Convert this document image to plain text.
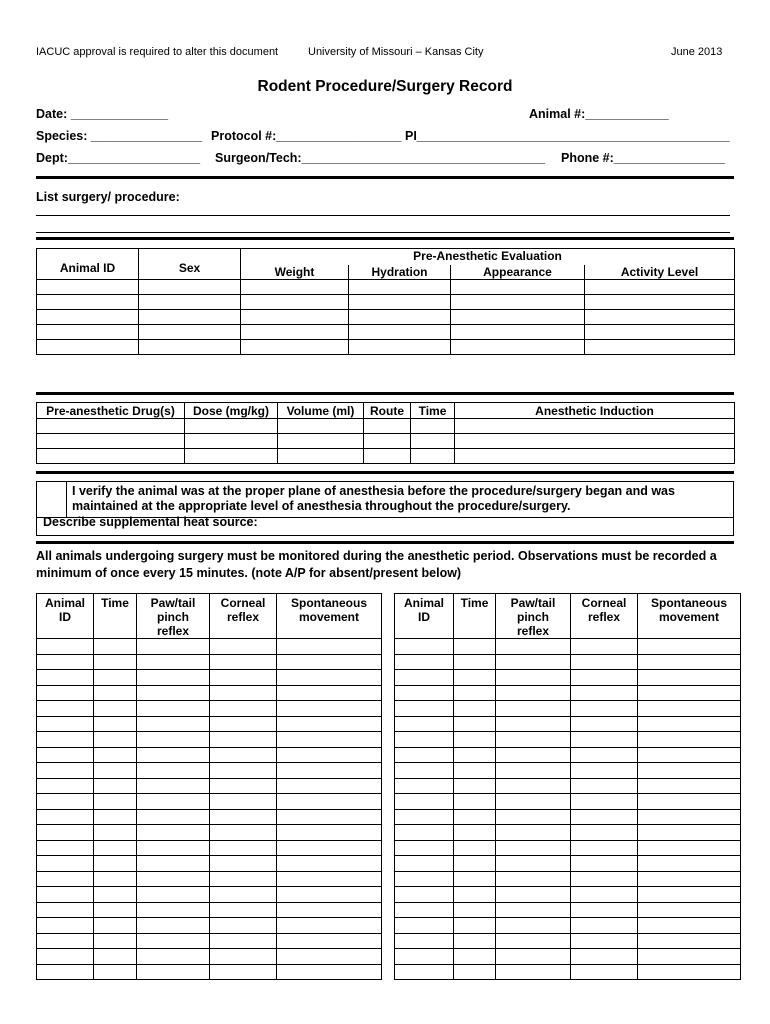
IACUC approval is required to alter this document	University of Missouri – Kansas City	June 2013
Rodent Procedure/Surgery Record
Date: ______________	Animal #:____________
Species: ________________ Protocol #:__________________ PI_____________________________________________
Dept:___________________ Surgeon/Tech:___________________________________ Phone #:________________
List surgery/ procedure:
Animal ID	Sex	Pre-Anesthetic Evaluation			
		Weight	Hydration	Appearance	Activity Level

Pre-anesthetic Drug(s)	Dose (mg/kg)	Volume (ml)	Route	Time	Anesthetic Induction

I verify the animal was at the proper plane of anesthesia before the procedure/surgery began and was
maintained at the appropriate level of anesthesia throughout the procedure/surgery.
Describe supplemental heat source:
All animals undergoing surgery must be monitored during the anesthetic period. Observations must be recorded a
minimum of once every 15 minutes. (note A/P for absent/present below)
Animal
ID	Time	Paw/tail
pinch
reflex	Corneal
reflex	Spontaneous
movement

Animal
ID	Time	Paw/tail
pinch
reflex	Corneal
reflex	Spontaneous
movement
